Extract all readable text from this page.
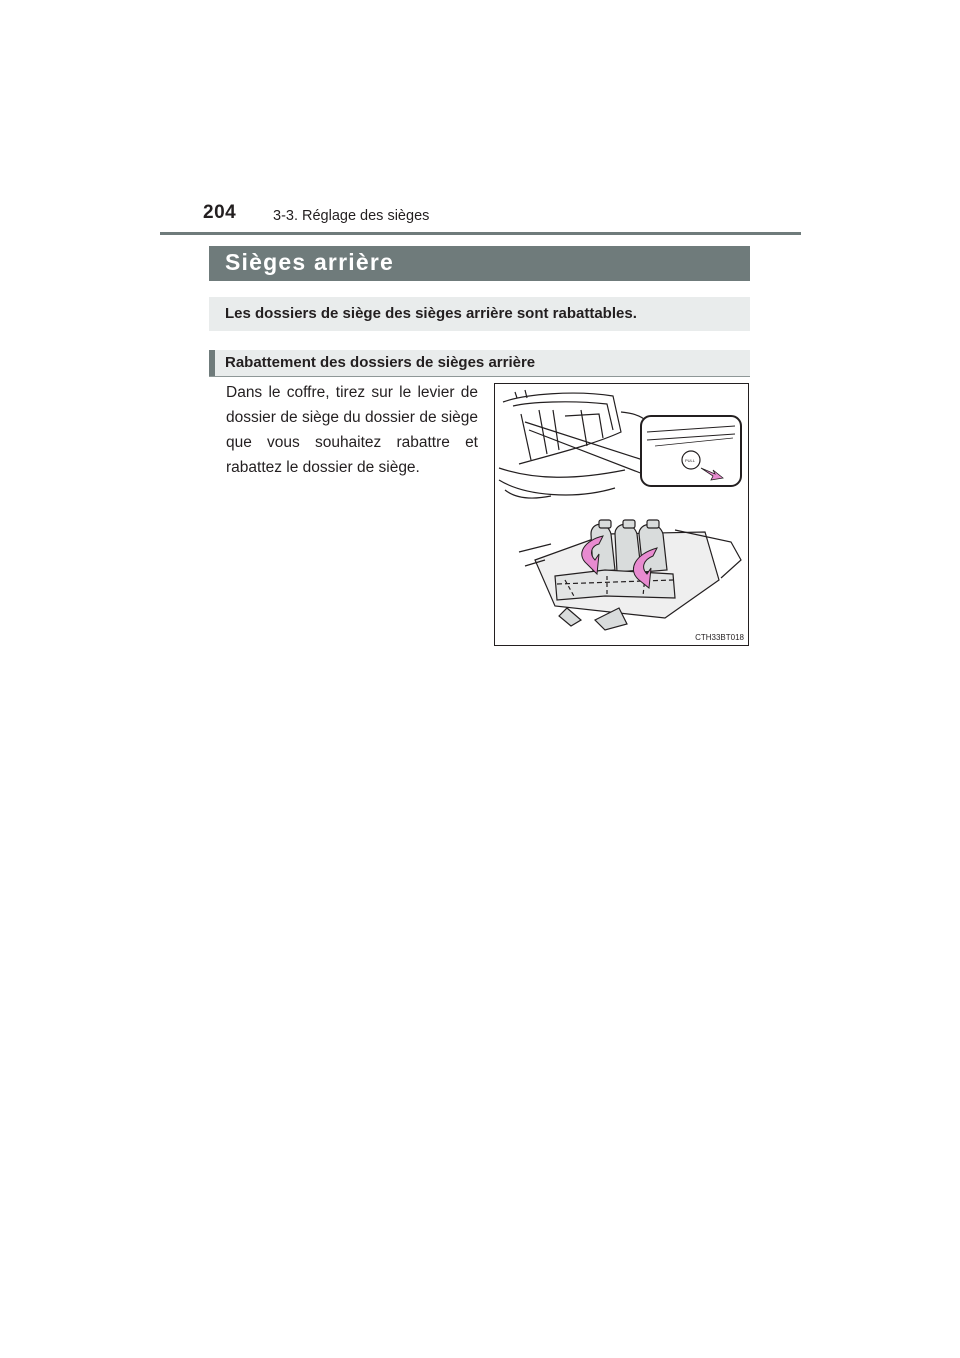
204	3-3. Réglage des sièges
Sièges arrière
Les dossiers de siège des sièges arrière sont rabattables.
Rabattement des dossiers de sièges arrière
Dans le coffre, tirez sur le levier de dossier de siège du dossier de siège que vous souhaitez rabattre et rabattez le dossier de siège.	PULL
CTH33BT018
